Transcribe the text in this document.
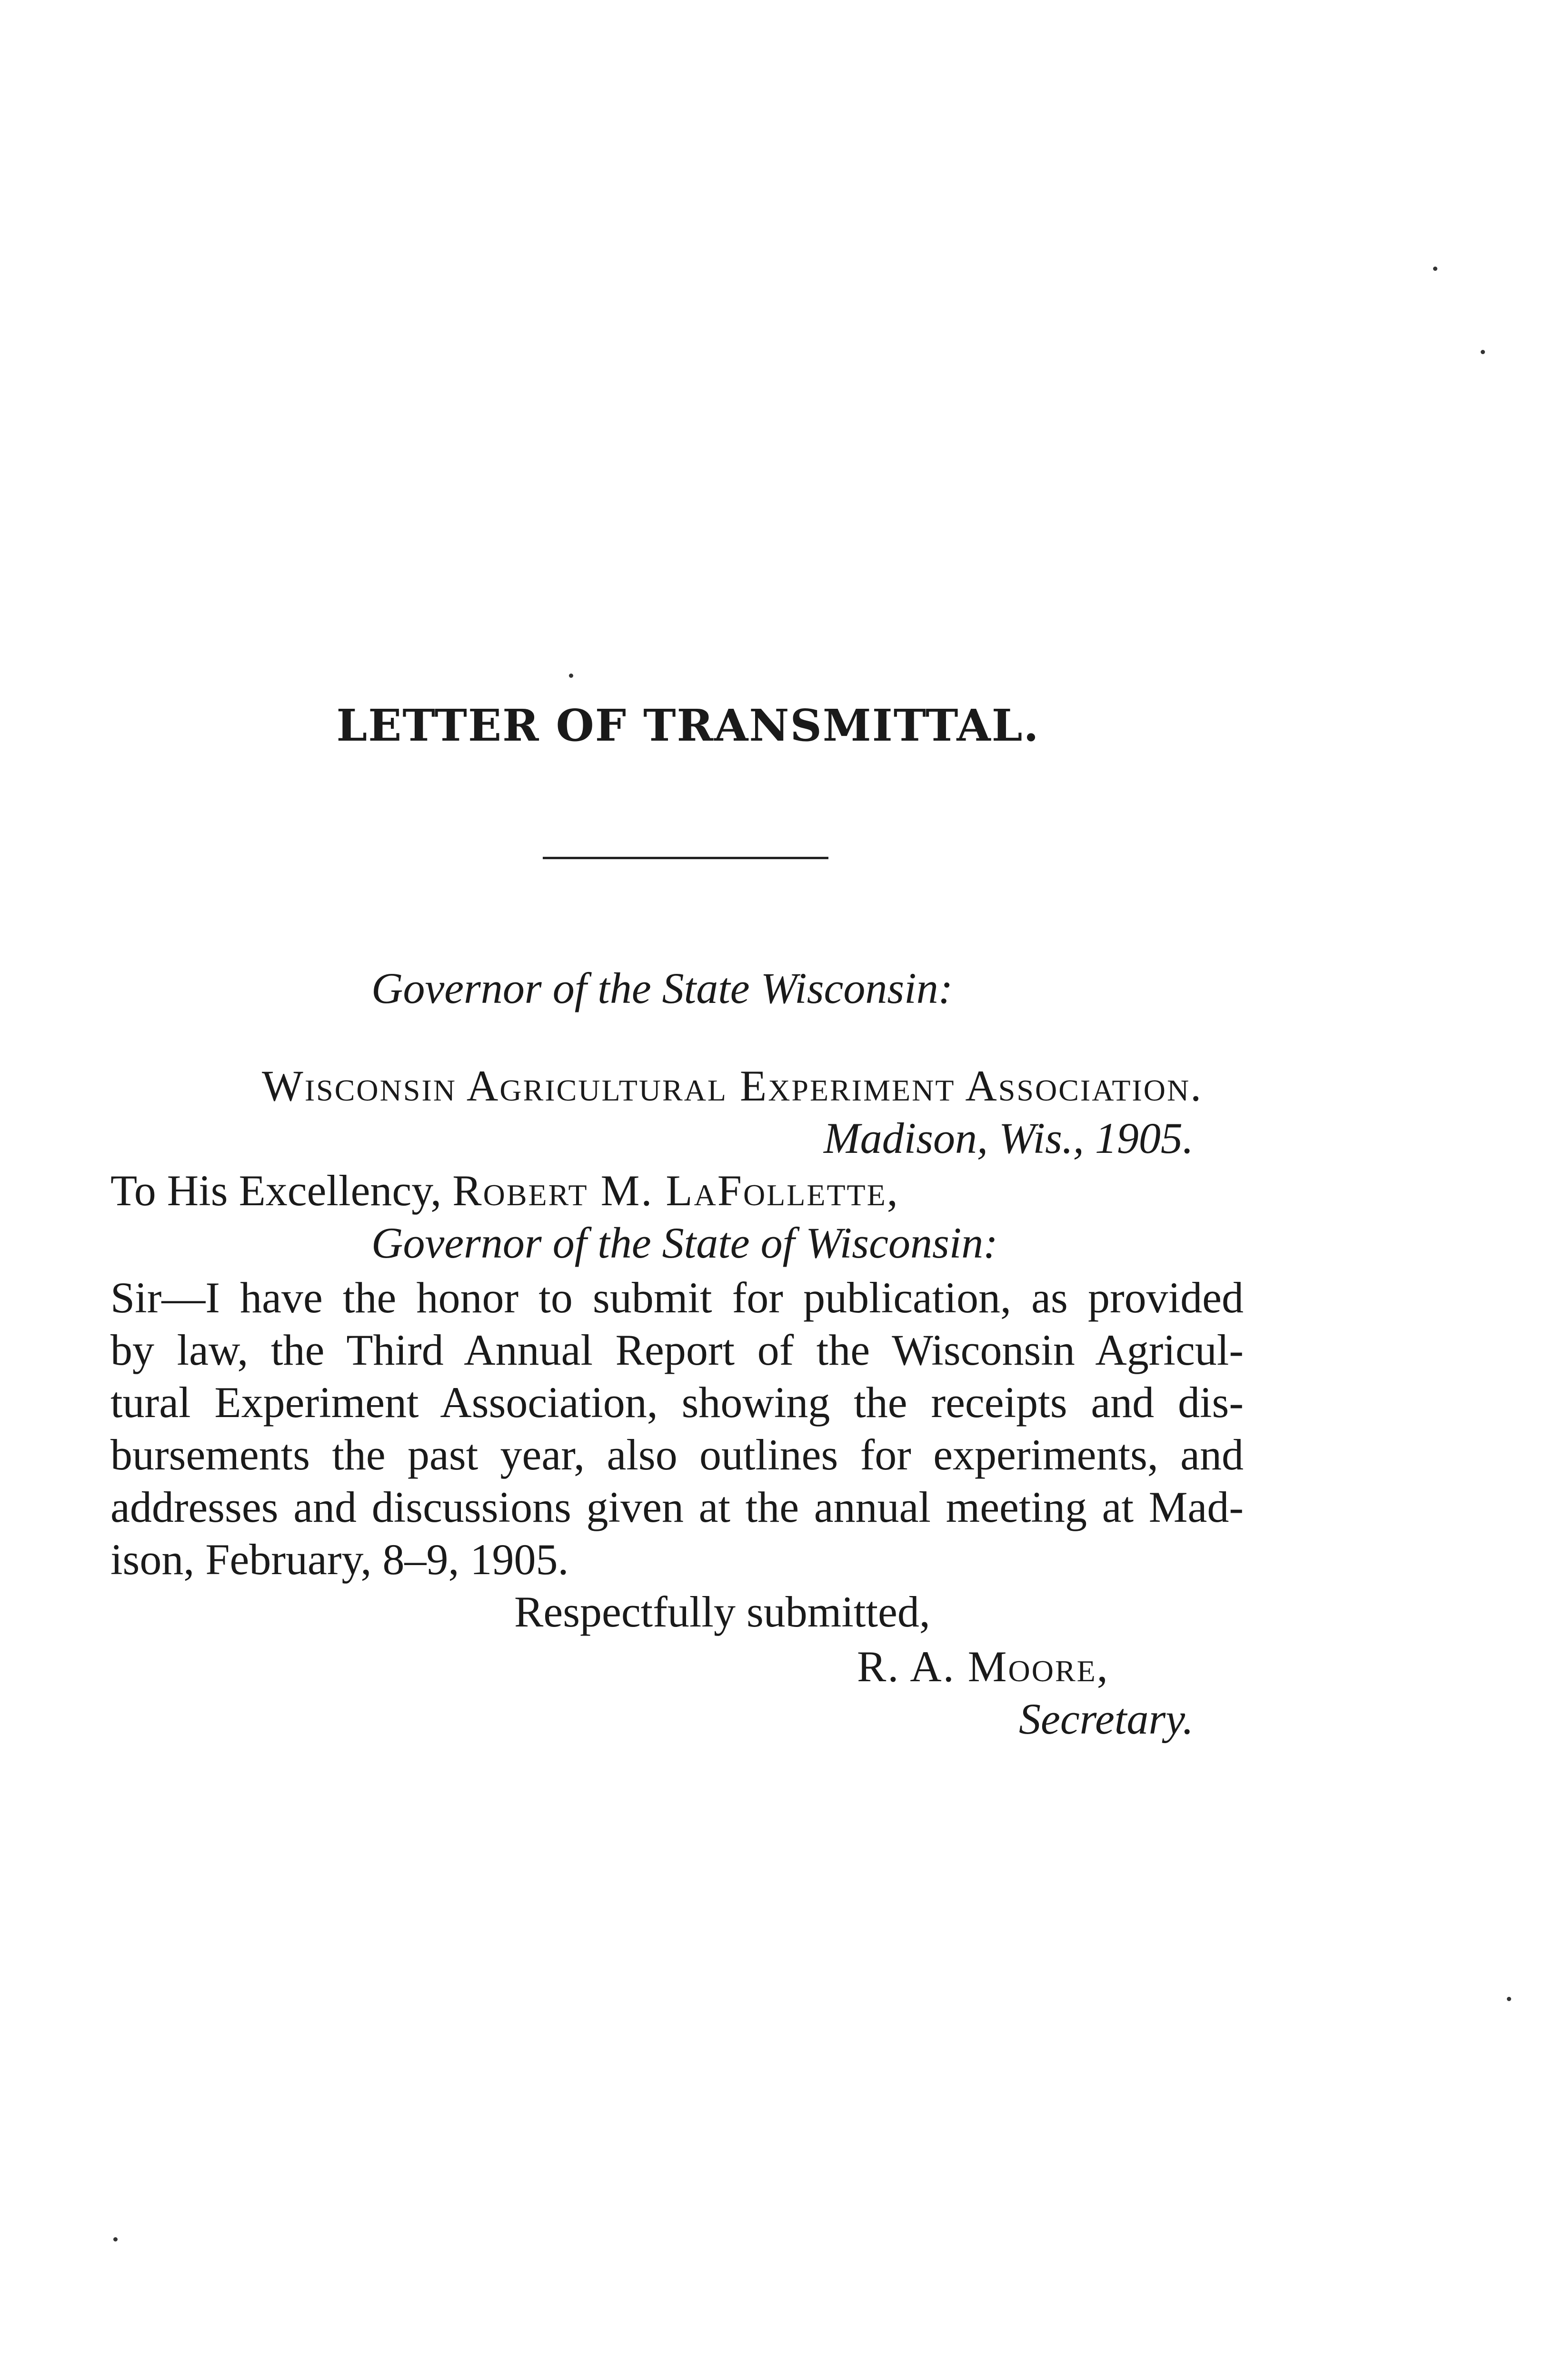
LETTER OF TRANSMITTAL.
Governor of the State Wisconsin:
Wisconsin Agricultural Experiment Association.
Madison, Wis., 1905.
To His Excellency, Robert M. LaFollette,
Governor of the State of Wisconsin:
Sir—I have the honor to submit for publication, as provided
by law, the Third Annual Report of the Wisconsin Agricul-
tural Experiment Association, showing the receipts and dis-
bursements the past year, also outlines for experiments, and
addresses and discussions given at the annual meeting at Mad-
ison, February, 8–9, 1905.
Respectfully submitted,
R. A. Moore,
Secretary.
